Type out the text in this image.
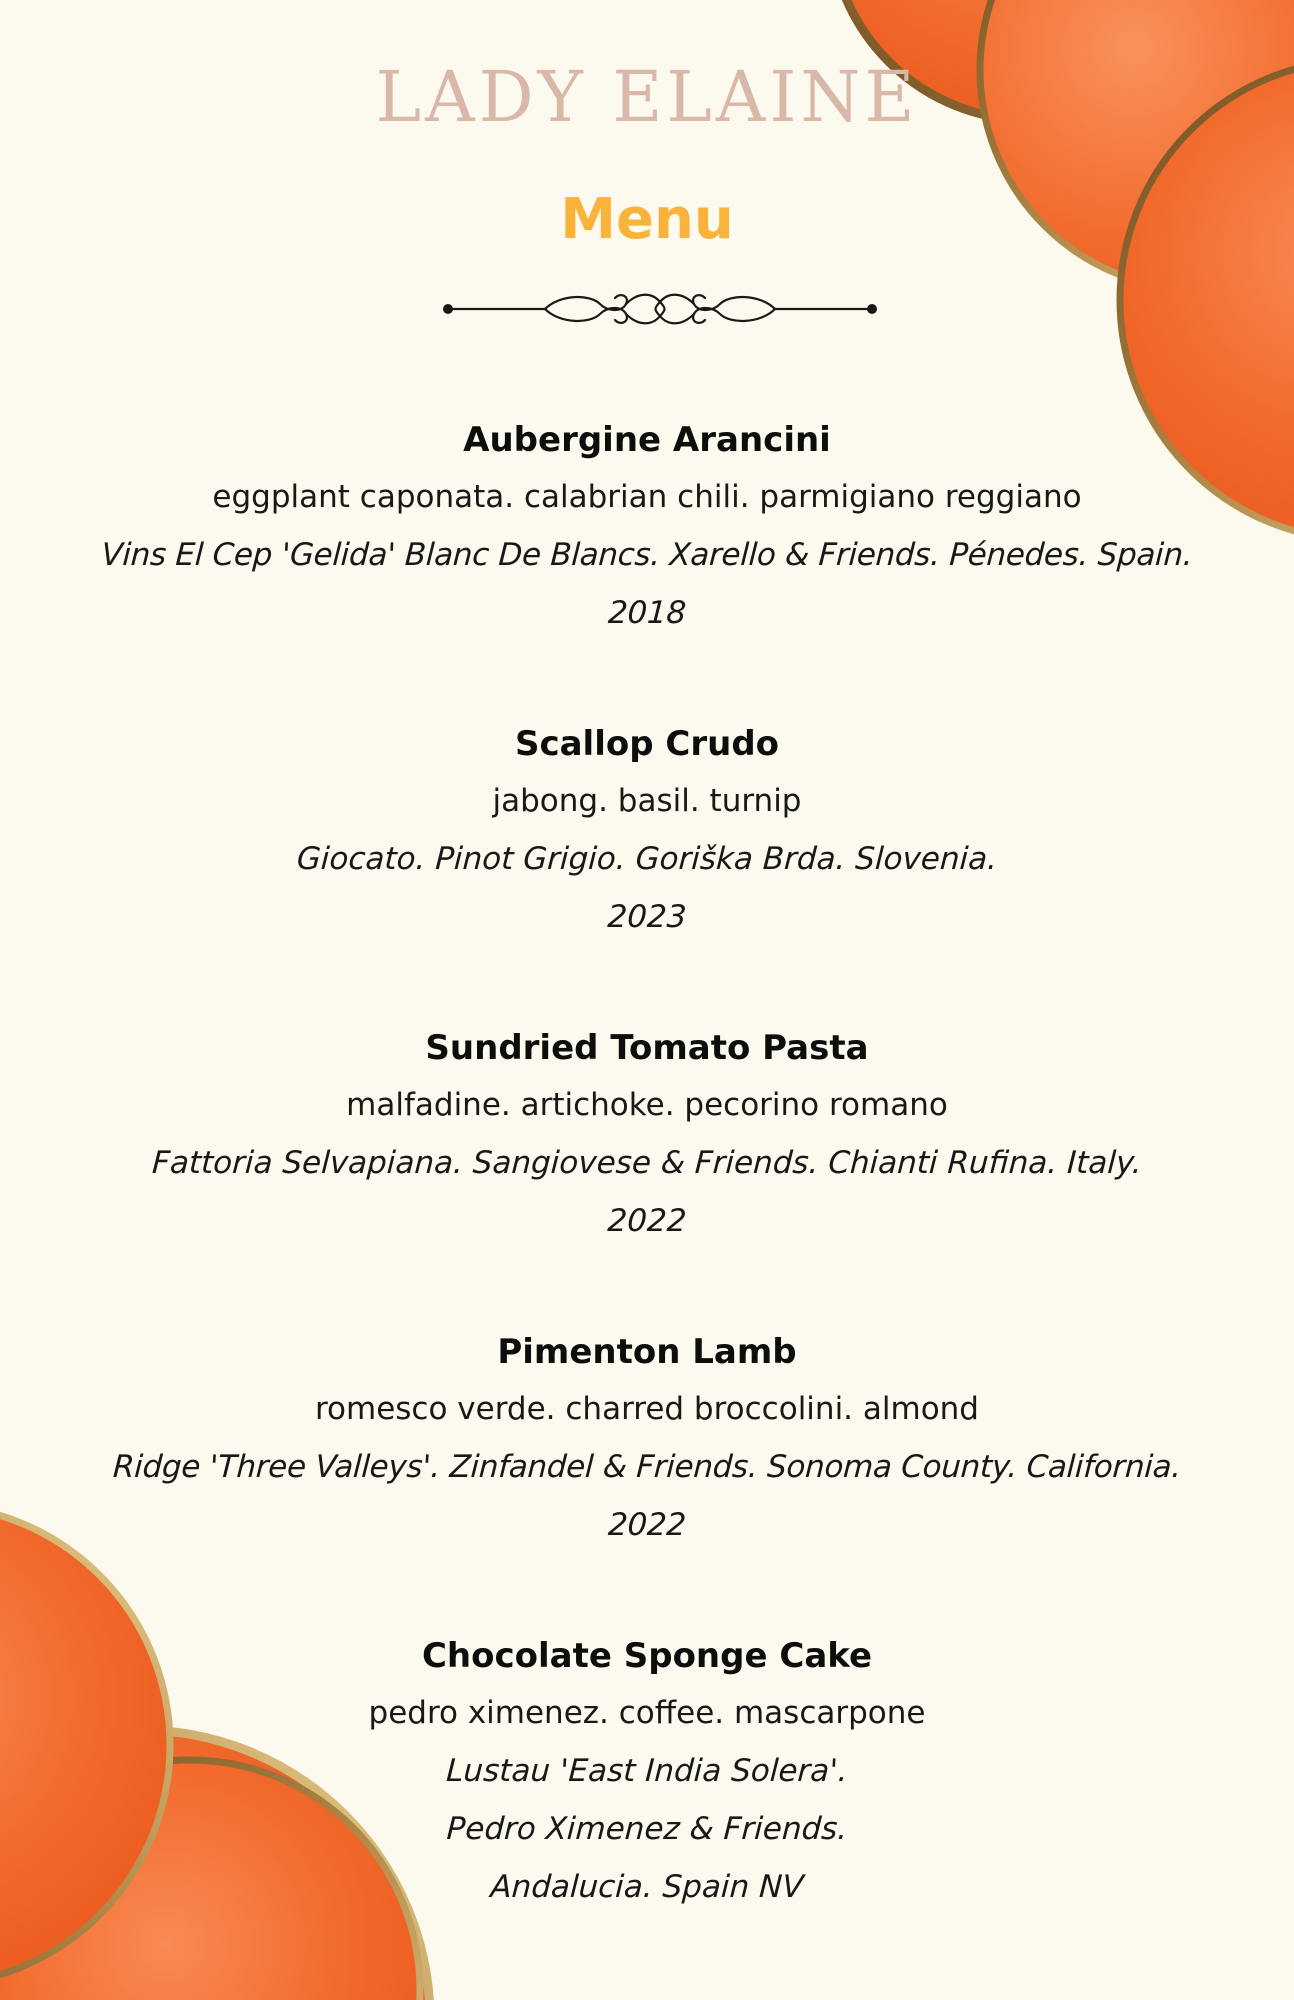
LADY ELAINE
Menu
Aubergine Arancini
eggplant caponata. calabrian chili. parmigiano reggiano
Vins El Cep 'Gelida' Blanc De Blancs. Xarello & Friends. Pénedes. Spain.
2018
Scallop Crudo
jabong. basil. turnip
Giocato. Pinot Grigio. Goriška Brda. Slovenia.
2023
Sundried Tomato Pasta
malfadine. artichoke. pecorino romano
Fattoria Selvapiana. Sangiovese & Friends. Chianti Rufina. Italy.
2022
Pimenton Lamb
romesco verde. charred broccolini. almond
Ridge 'Three Valleys'. Zinfandel & Friends. Sonoma County. California.
2022
Chocolate Sponge Cake
pedro ximenez. coffee. mascarpone
Lustau 'East India Solera'.
Pedro Ximenez & Friends.
Andalucia. Spain NV
